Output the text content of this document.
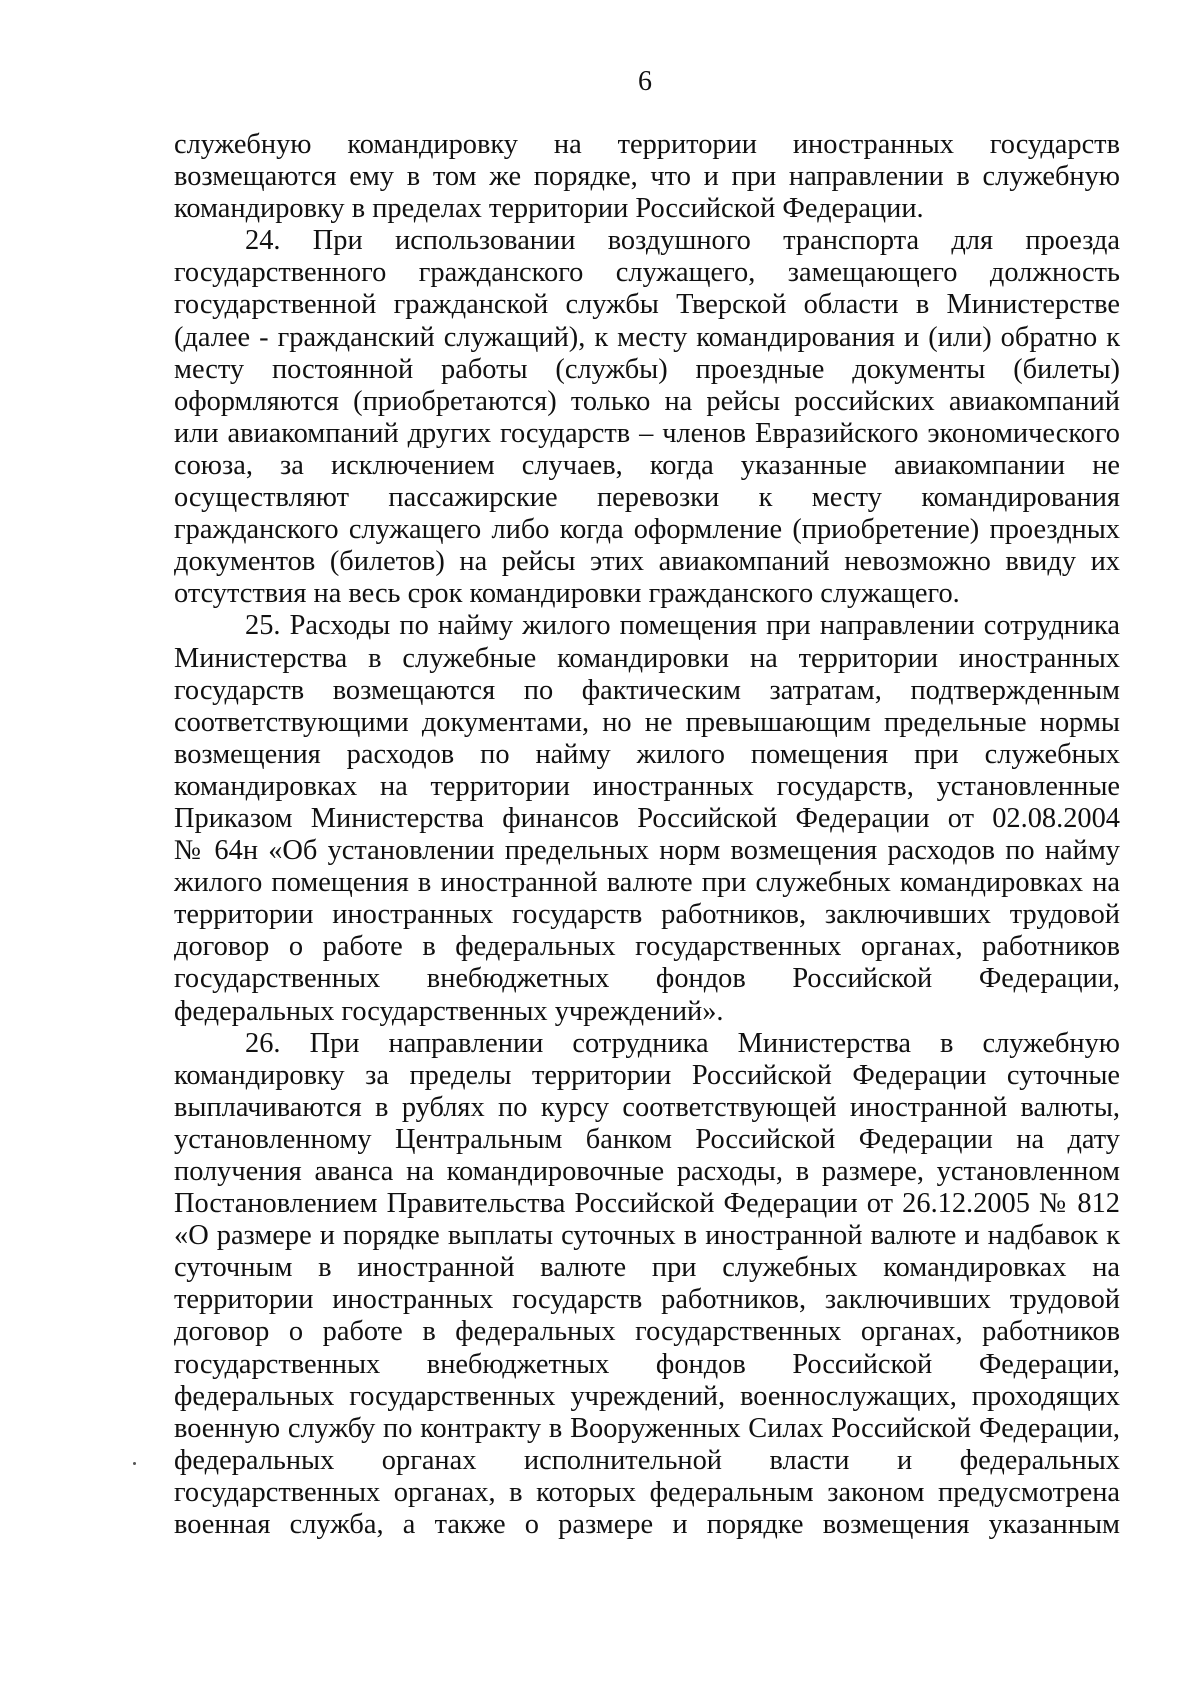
6
служебную командировку на территории иностранных государств
возмещаются ему в том же порядке, что и при направлении в служебную
командировку в пределах территории Российской Федерации.
24. При использовании воздушного транспорта для проезда
государственного гражданского служащего, замещающего должность
государственной гражданской службы Тверской области в Министерстве
(далее - гражданский служащий), к месту командирования и (или) обратно к
месту постоянной работы (службы) проездные документы (билеты)
оформляются (приобретаются) только на рейсы российских авиакомпаний
или авиакомпаний других государств – членов Евразийского экономического
союза, за исключением случаев, когда указанные авиакомпании не
осуществляют пассажирские перевозки к месту командирования
гражданского служащего либо когда оформление (приобретение) проездных
документов (билетов) на рейсы этих авиакомпаний невозможно ввиду их
отсутствия на весь срок командировки гражданского служащего.
25. Расходы по найму жилого помещения при направлении сотрудника
Министерства в служебные командировки на территории иностранных
государств возмещаются по фактическим затратам, подтвержденным
соответствующими документами, но не превышающим предельные нормы
возмещения расходов по найму жилого помещения при служебных
командировках на территории иностранных государств, установленные
Приказом Министерства финансов Российской Федерации от 02.08.2004
№ 64н «Об установлении предельных норм возмещения расходов по найму
жилого помещения в иностранной валюте при служебных командировках на
территории иностранных государств работников, заключивших трудовой
договор о работе в федеральных государственных органах, работников
государственных внебюджетных фондов Российской Федерации,
федеральных государственных учреждений».
26. При направлении сотрудника Министерства в служебную
командировку за пределы территории Российской Федерации суточные
выплачиваются в рублях по курсу соответствующей иностранной валюты,
установленному Центральным банком Российской Федерации на дату
получения аванса на командировочные расходы, в размере, установленном
Постановлением Правительства Российской Федерации от 26.12.2005 № 812
«О размере и порядке выплаты суточных в иностранной валюте и надбавок к
суточным в иностранной валюте при служебных командировках на
территории иностранных государств работников, заключивших трудовой
договор о работе в федеральных государственных органах, работников
государственных внебюджетных фондов Российской Федерации,
федеральных государственных учреждений, военнослужащих, проходящих
военную службу по контракту в Вооруженных Силах Российской Федерации,
федеральных органах исполнительной власти и федеральных
государственных органах, в которых федеральным законом предусмотрена
военная служба, а также о размере и порядке возмещения указанным
